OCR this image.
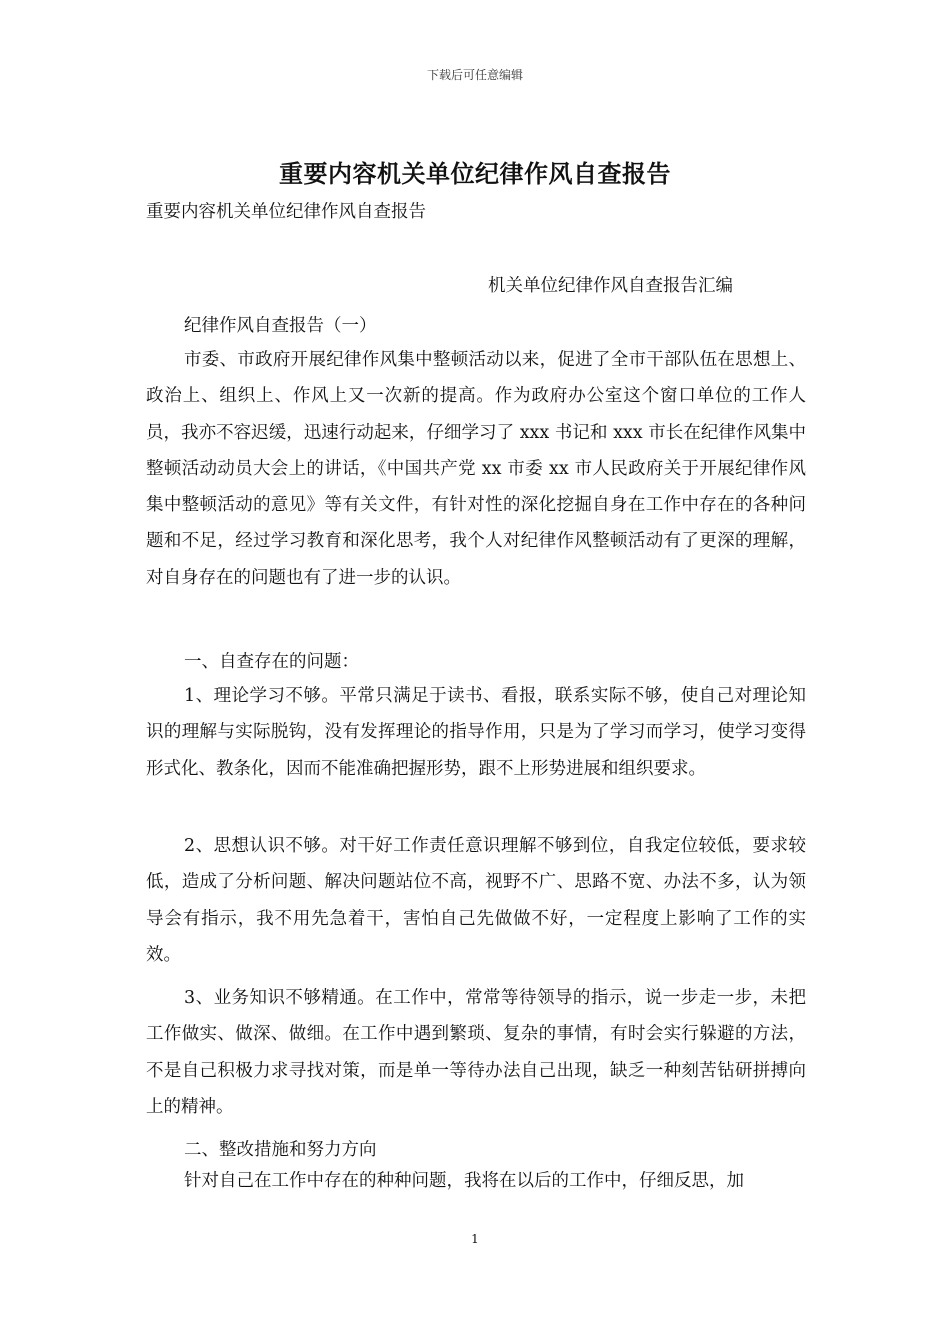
下载后可任意编辑
重要内容机关单位纪律作风自查报告
重要内容机关单位纪律作风自查报告
机关单位纪律作风自查报告汇编
纪律作风自查报告（一）

市委、市政府开展纪律作风集中整顿活动以来，促进了全市干部队伍在思想上、政治上、组织上、作风上又一次新的提高。作为政府办公室这个窗口单位的工作人员，我亦不容迟缓，迅速行动起来，仔细学习了 xxx 书记和 xxx 市长在纪律作风集中整顿活动动员大会上的讲话，《中国共产党 xx 市委 xx 市人民政府关于开展纪律作风集中整顿活动的意见》等有关文件，有针对性的深化挖掘自身在工作中存在的各种问题和不足，经过学习教育和深化思考，我个人对纪律作风整顿活动有了更深的理解，对自身存在的问题也有了进一步的认识。

一、自查存在的问题：

1、理论学习不够。平常只满足于读书、看报，联系实际不够，使自己对理论知识的理解与实际脱钩，没有发挥理论的指导作用，只是为了学习而学习，使学习变得形式化、教条化，因而不能准确把握形势，跟不上形势进展和组织要求。

2、思想认识不够。对干好工作责任意识理解不够到位，自我定位较低，要求较低，造成了分析问题、解决问题站位不高，视野不广、思路不宽、办法不多，认为领导会有指示，我不用先急着干，害怕自己先做做不好，一定程度上影响了工作的实效。

3、业务知识不够精通。在工作中，常常等待领导的指示，说一步走一步，未把工作做实、做深、做细。在工作中遇到繁琐、复杂的事情，有时会实行躲避的方法，不是自己积极力求寻找对策，而是单一等待办法自己出现，缺乏一种刻苦钻研拼搏向上的精神。

二、整改措施和努力方向

针对自己在工作中存在的种种问题，我将在以后的工作中，仔细反思，加

1
